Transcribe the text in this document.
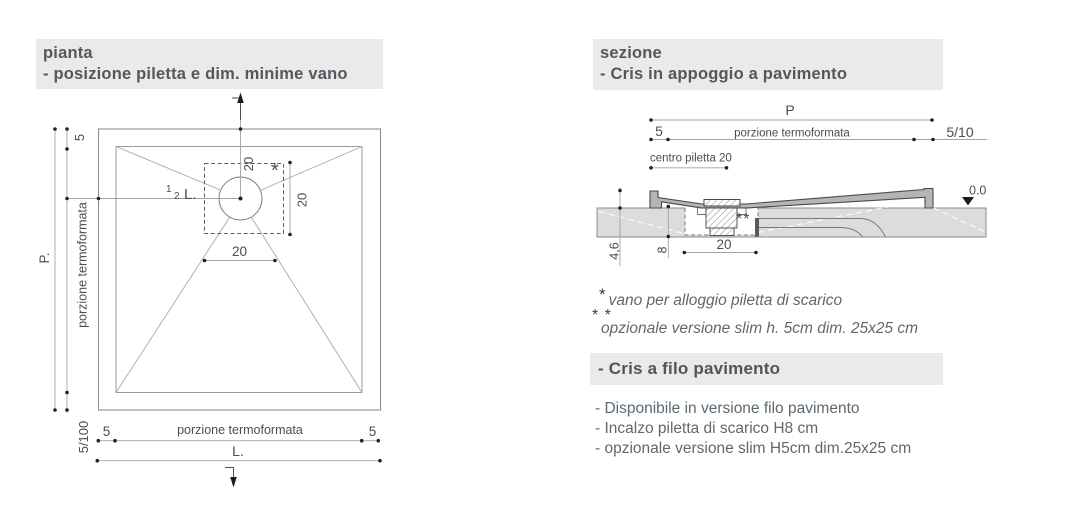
pianta
- posizione piletta e dim. minime vano
sezione
- Cris in appoggio a pavimento
5
porzione termoformata
P.
5/100
20
20
20
*
1
2 L.
5	porzione termoformata	5
L.
P
5	porzione termoformata	5/10
centro piletta 20
0.0
4,6	8	20
**
* vano per alloggio piletta di scarico
* *
opzionale versione slim h. 5cm dim. 25x25 cm
- Cris a filo pavimento
- Disponibile in versione filo pavimento
- Incalzo piletta di scarico H8 cm
- opzionale versione slim H5cm dim.25x25 cm
